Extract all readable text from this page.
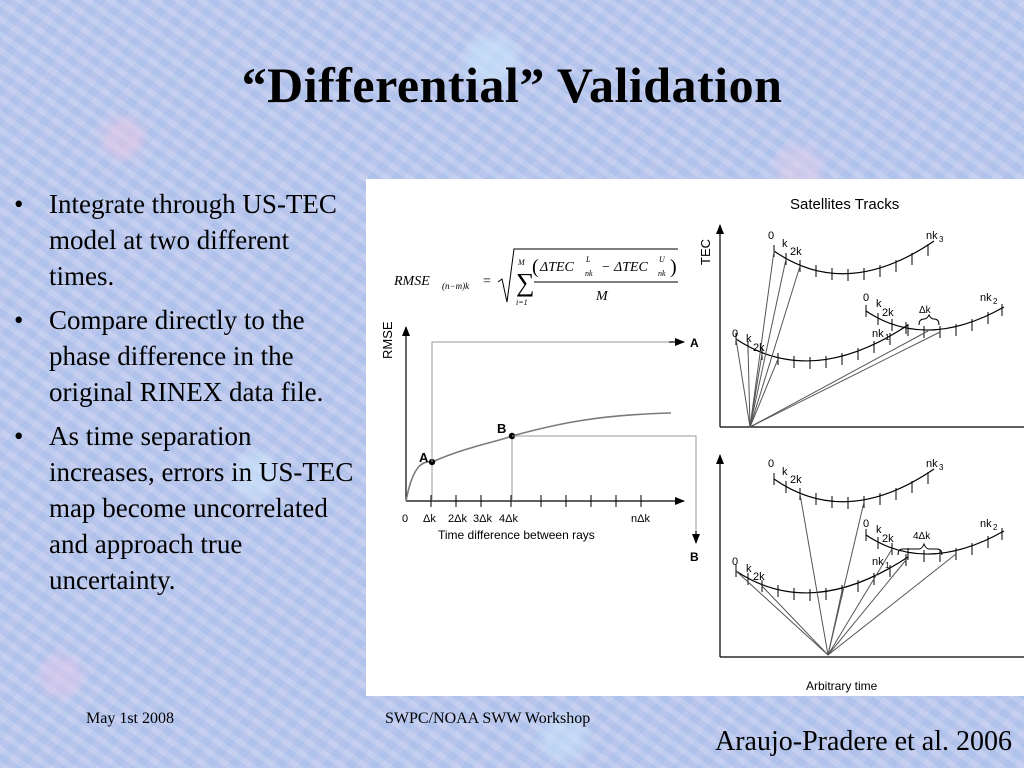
“Differential” Validation
• Integrate through US-TEC model at two different times.
• Compare directly to the phase difference in the original RINEX data file.
• As time separation increases, errors in US-TEC map become uncorrelated and approach true uncertainty.
RMSE (n−m)k = ∑
M
i=1
( ΔTEC
L
nk − ΔTEC
U
nk )
M
RMSE
0 Δk 2Δk 3Δk 4Δk	nΔk
Time difference between rays
A
B
A
B
Satellites Tracks
TEC
0
k
2k
nk 3
0 k
2k
nk 1
0 k
2k
nk 2
Δk
0
k
2k
nk 3
0
k
2k
nk 1
0 k
2k
nk 2
4Δk
Arbitrary time
May 1st 2008	SWPC/NOAA SWW Workshop
Araujo-Pradere et al. 2006
